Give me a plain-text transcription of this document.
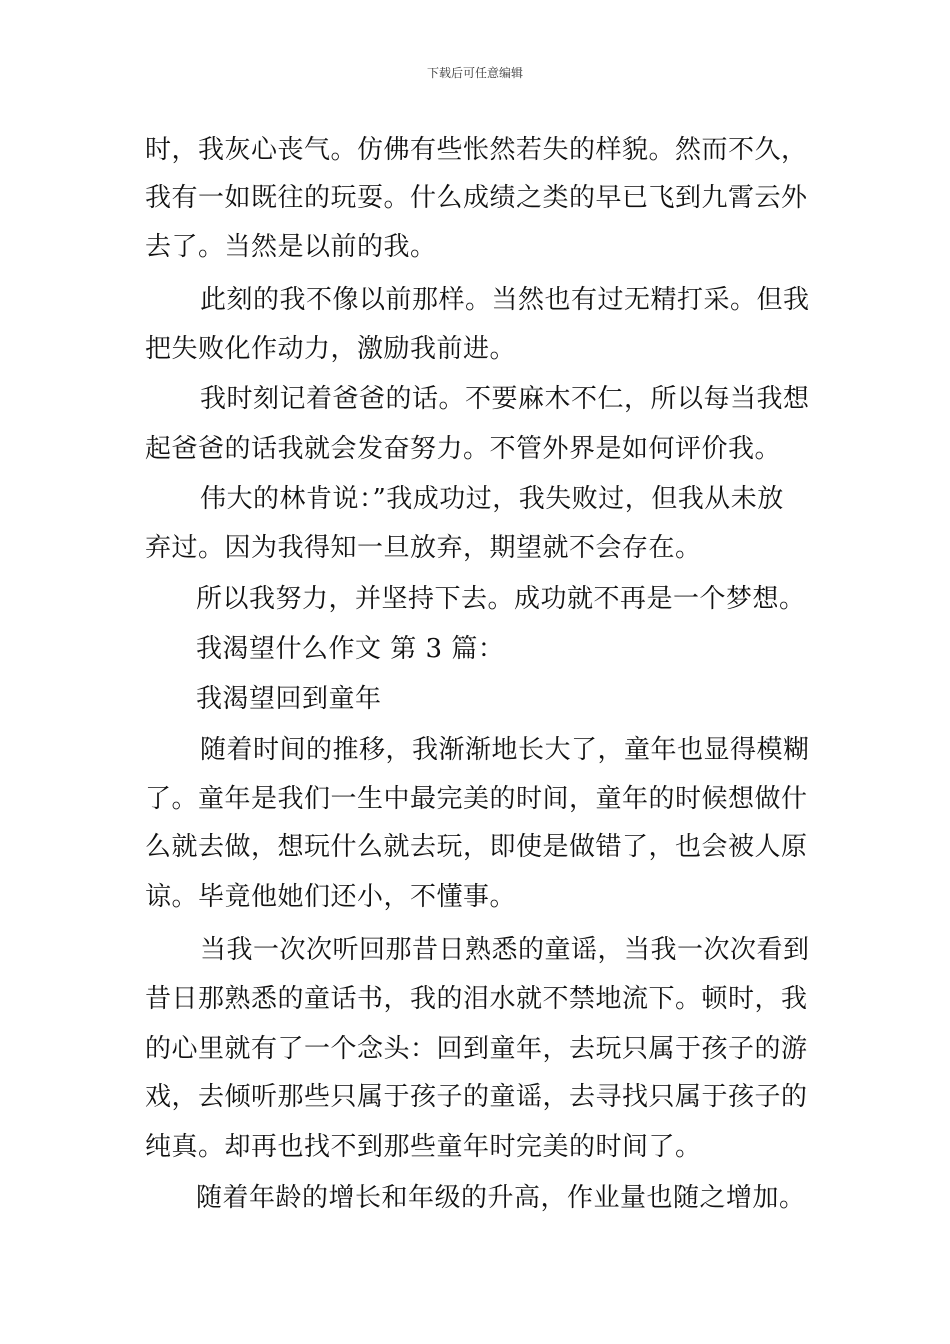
下载后可任意编辑
时，我灰心丧气。仿佛有些怅然若失的样貌。然而不久，
我有一如既往的玩耍。什么成绩之类的早已飞到九霄云外
去了。当然是以前的我。
此刻的我不像以前那样。当然也有过无精打采。但我
把失败化作动力，激励我前进。
我时刻记着爸爸的话。不要麻木不仁，所以每当我想
起爸爸的话我就会发奋努力。不管外界是如何评价我。
伟大的林肯说：”我成功过，我失败过，但我从未放
弃过。因为我得知一旦放弃，期望就不会存在。
所以我努力，并坚持下去。成功就不再是一个梦想。
我渴望什么作文 第 3 篇：
我渴望回到童年
随着时间的推移，我渐渐地长大了，童年也显得模糊
了。童年是我们一生中最完美的时间，童年的时候想做什
么就去做，想玩什么就去玩，即使是做错了，也会被人原
谅。毕竟他她们还小，不懂事。
当我一次次听回那昔日熟悉的童谣，当我一次次看到
昔日那熟悉的童话书，我的泪水就不禁地流下。顿时，我
的心里就有了一个念头：回到童年，去玩只属于孩子的游
戏，去倾听那些只属于孩子的童谣，去寻找只属于孩子的
纯真。却再也找不到那些童年时完美的时间了。
随着年龄的增长和年级的升高，作业量也随之增加。
